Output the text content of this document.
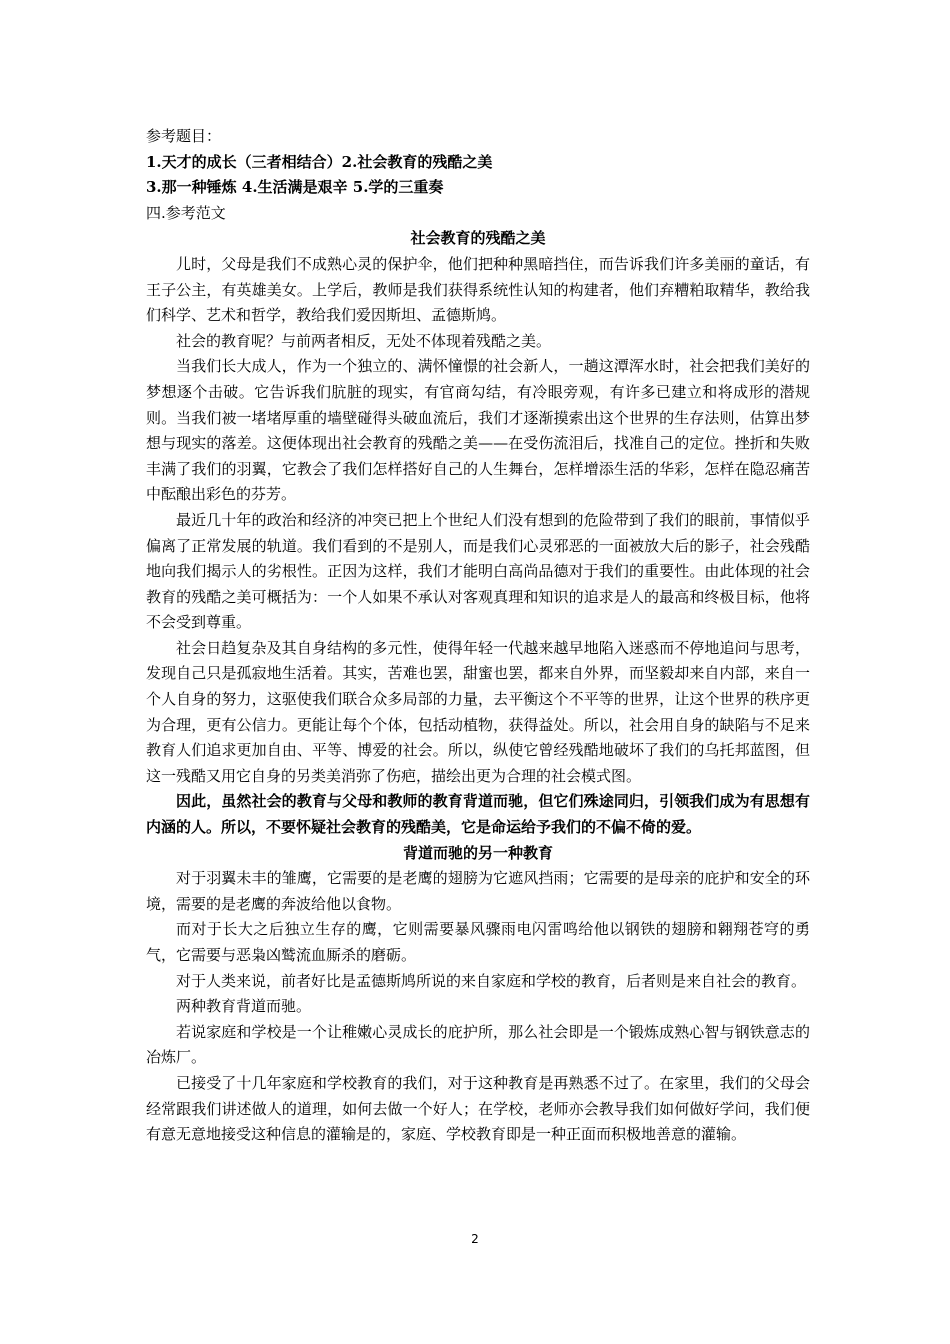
参考题目：

1.天才的成长（三者相结合）2.社会教育的残酷之美

3.那一种锤炼 4.生活满是艰辛 5.学的三重奏

四.参考范文

社会教育的残酷之美

儿时，父母是我们不成熟心灵的保护伞，他们把种种黑暗挡住，而告诉我们许多美丽的童话，有王子公主，有英雄美女。上学后，教师是我们获得系统性认知的构建者，他们弃糟粕取精华，教给我们科学、艺术和哲学，教给我们爱因斯坦、孟德斯鸠。

社会的教育呢？与前两者相反，无处不体现着残酷之美。

当我们长大成人，作为一个独立的、满怀憧憬的社会新人，一趟这潭浑水时，社会把我们美好的梦想逐个击破。它告诉我们肮脏的现实，有官商勾结，有冷眼旁观，有许多已建立和将成形的潜规则。当我们被一堵堵厚重的墙壁碰得头破血流后，我们才逐渐摸索出这个世界的生存法则，估算出梦想与现实的落差。这便体现出社会教育的残酷之美——在受伤流泪后，找准自己的定位。挫折和失败丰满了我们的羽翼，它教会了我们怎样搭好自己的人生舞台，怎样增添生活的华彩，怎样在隐忍痛苦中酝酿出彩色的芬芳。

最近几十年的政治和经济的冲突已把上个世纪人们没有想到的危险带到了我们的眼前，事情似乎偏离了正常发展的轨道。我们看到的不是别人，而是我们心灵邪恶的一面被放大后的影子，社会残酷地向我们揭示人的劣根性。正因为这样，我们才能明白高尚品德对于我们的重要性。由此体现的社会教育的残酷之美可概括为：一个人如果不承认对客观真理和知识的追求是人的最高和终极目标，他将不会受到尊重。

社会日趋复杂及其自身结构的多元性，使得年轻一代越来越早地陷入迷惑而不停地追问与思考，发现自己只是孤寂地生活着。其实，苦难也罢，甜蜜也罢，都来自外界，而坚毅却来自内部，来自一个人自身的努力，这驱使我们联合众多局部的力量，去平衡这个不平等的世界，让这个世界的秩序更为合理，更有公信力。更能让每个个体，包括动植物，获得益处。所以，社会用自身的缺陷与不足来教育人们追求更加自由、平等、博爱的社会。所以，纵使它曾经残酷地破坏了我们的乌托邦蓝图，但这一残酷又用它自身的另类美消弥了伤疤，描绘出更为合理的社会模式图。

因此，虽然社会的教育与父母和教师的教育背道而驰，但它们殊途同归，引领我们成为有思想有内涵的人。所以，不要怀疑社会教育的残酷美，它是命运给予我们的不偏不倚的爱。

背道而驰的另一种教育

对于羽翼未丰的雏鹰，它需要的是老鹰的翅膀为它遮风挡雨；它需要的是母亲的庇护和安全的环境，需要的是老鹰的奔波给他以食物。

而对于长大之后独立生存的鹰，它则需要暴风骤雨电闪雷鸣给他以钢铁的翅膀和翱翔苍穹的勇气，它需要与恶枭凶鹫流血厮杀的磨砺。

对于人类来说，前者好比是孟德斯鸠所说的来自家庭和学校的教育，后者则是来自社会的教育。

两种教育背道而驰。

若说家庭和学校是一个让稚嫩心灵成长的庇护所，那么社会即是一个锻炼成熟心智与钢铁意志的冶炼厂。

已接受了十几年家庭和学校教育的我们，对于这种教育是再熟悉不过了。在家里，我们的父母会经常跟我们讲述做人的道理，如何去做一个好人；在学校，老师亦会教导我们如何做好学问，我们便有意无意地接受这种信息的灌输是的，家庭、学校教育即是一种正面而积极地善意的灌输。

2
